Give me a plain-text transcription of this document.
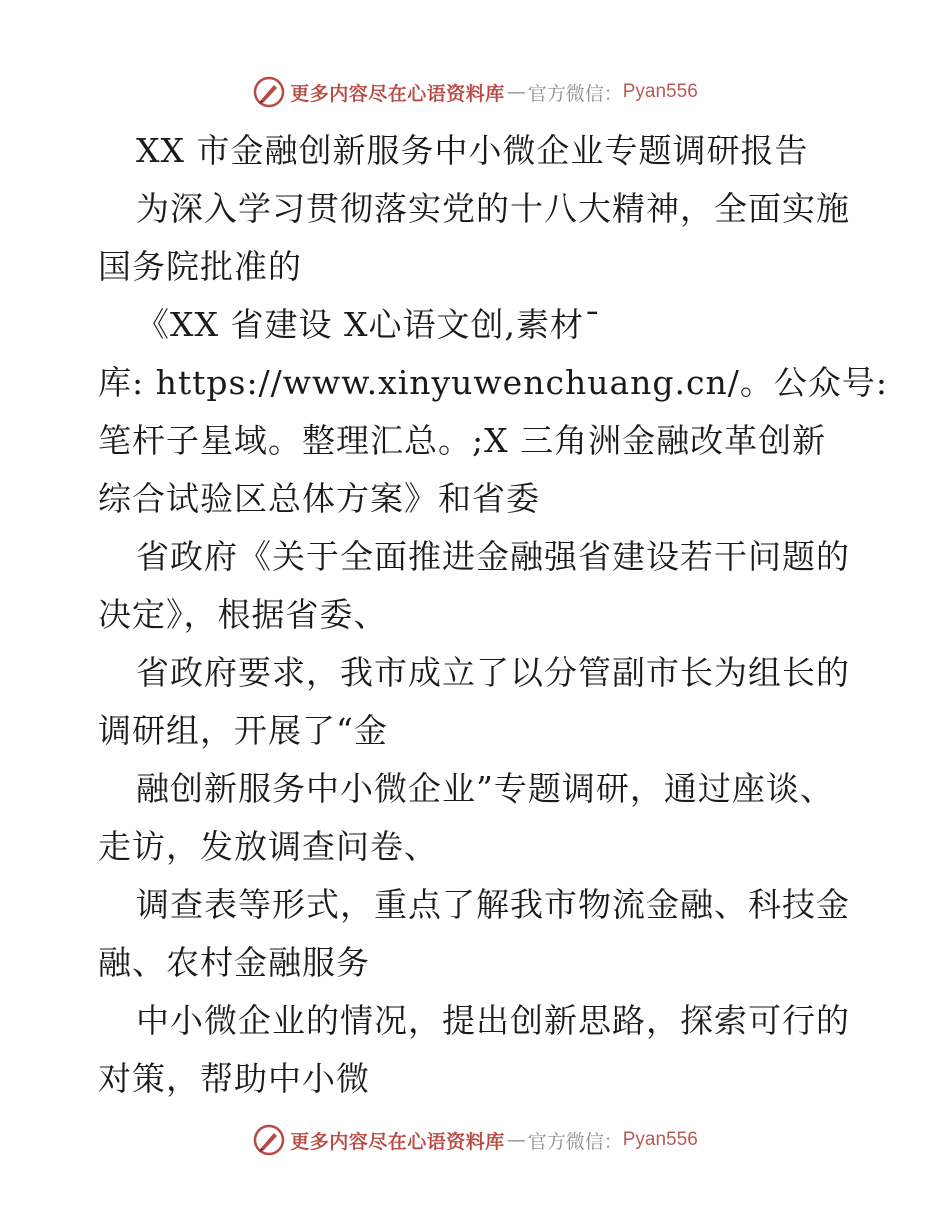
更多内容尽在心语资料库 — 官方微信： Pyan556
XX 市金融创新服务中小微企业专题调研报告
为深入学习贯彻落实党的十八大精神，全面实施
国务院批准的
《XX 省建设 X心语文创,素材¯
库: https://www.xinyuwenchuang.cn/。公众号:
笔杆子星域。整理汇总。;X 三角洲金融改革创新
综合试验区总体方案》和省委
省政府《关于全面推进金融强省建设若干问题的
决定》，根据省委、
省政府要求，我市成立了以分管副市长为组长的
调研组，开展了“金
融创新服务中小微企业”专题调研，通过座谈、
走访，发放调查问卷、
调查表等形式，重点了解我市物流金融、科技金
融、农村金融服务
中小微企业的情况，提出创新思路，探索可行的
对策，帮助中小微
更多内容尽在心语资料库 — 官方微信： Pyan556
